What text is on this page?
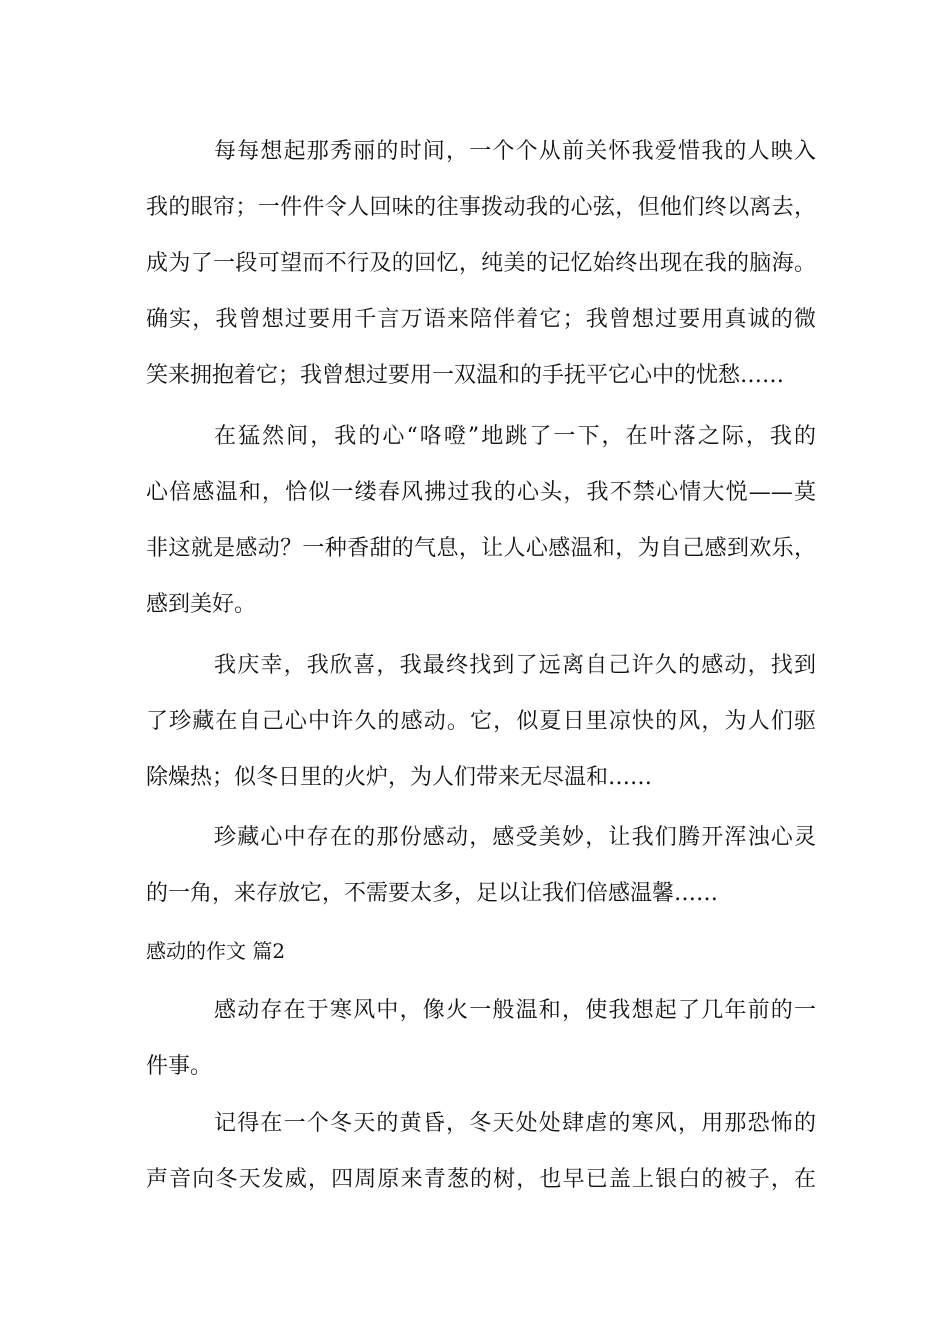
每每想起那秀丽的时间，一个个从前关怀我爱惜我的人映入
我的眼帘；一件件令人回味的往事拨动我的心弦，但他们终以离去，
成为了一段可望而不行及的回忆，纯美的记忆始终出现在我的脑海。
确实，我曾想过要用千言万语来陪伴着它；我曾想过要用真诚的微
笑来拥抱着它；我曾想过要用一双温和的手抚平它心中的忧愁……
在猛然间，我的心“咯噔”地跳了一下，在叶落之际，我的
心倍感温和，恰似一缕春风拂过我的心头，我不禁心情大悦——莫
非这就是感动？一种香甜的气息，让人心感温和，为自己感到欢乐，
感到美好。
我庆幸，我欣喜，我最终找到了远离自己许久的感动，找到
了珍藏在自己心中许久的感动。它，似夏日里凉快的风，为人们驱
除燥热；似冬日里的火炉，为人们带来无尽温和……
珍藏心中存在的那份感动，感受美妙，让我们腾开浑浊心灵
的一角，来存放它，不需要太多，足以让我们倍感温馨……
感动的作文 篇2
感动存在于寒风中，像火一般温和，使我想起了几年前的一
件事。
记得在一个冬天的黄昏，冬天处处肆虐的寒风，用那恐怖的
声音向冬天发威，四周原来青葱的树，也早已盖上银白的被子，在
